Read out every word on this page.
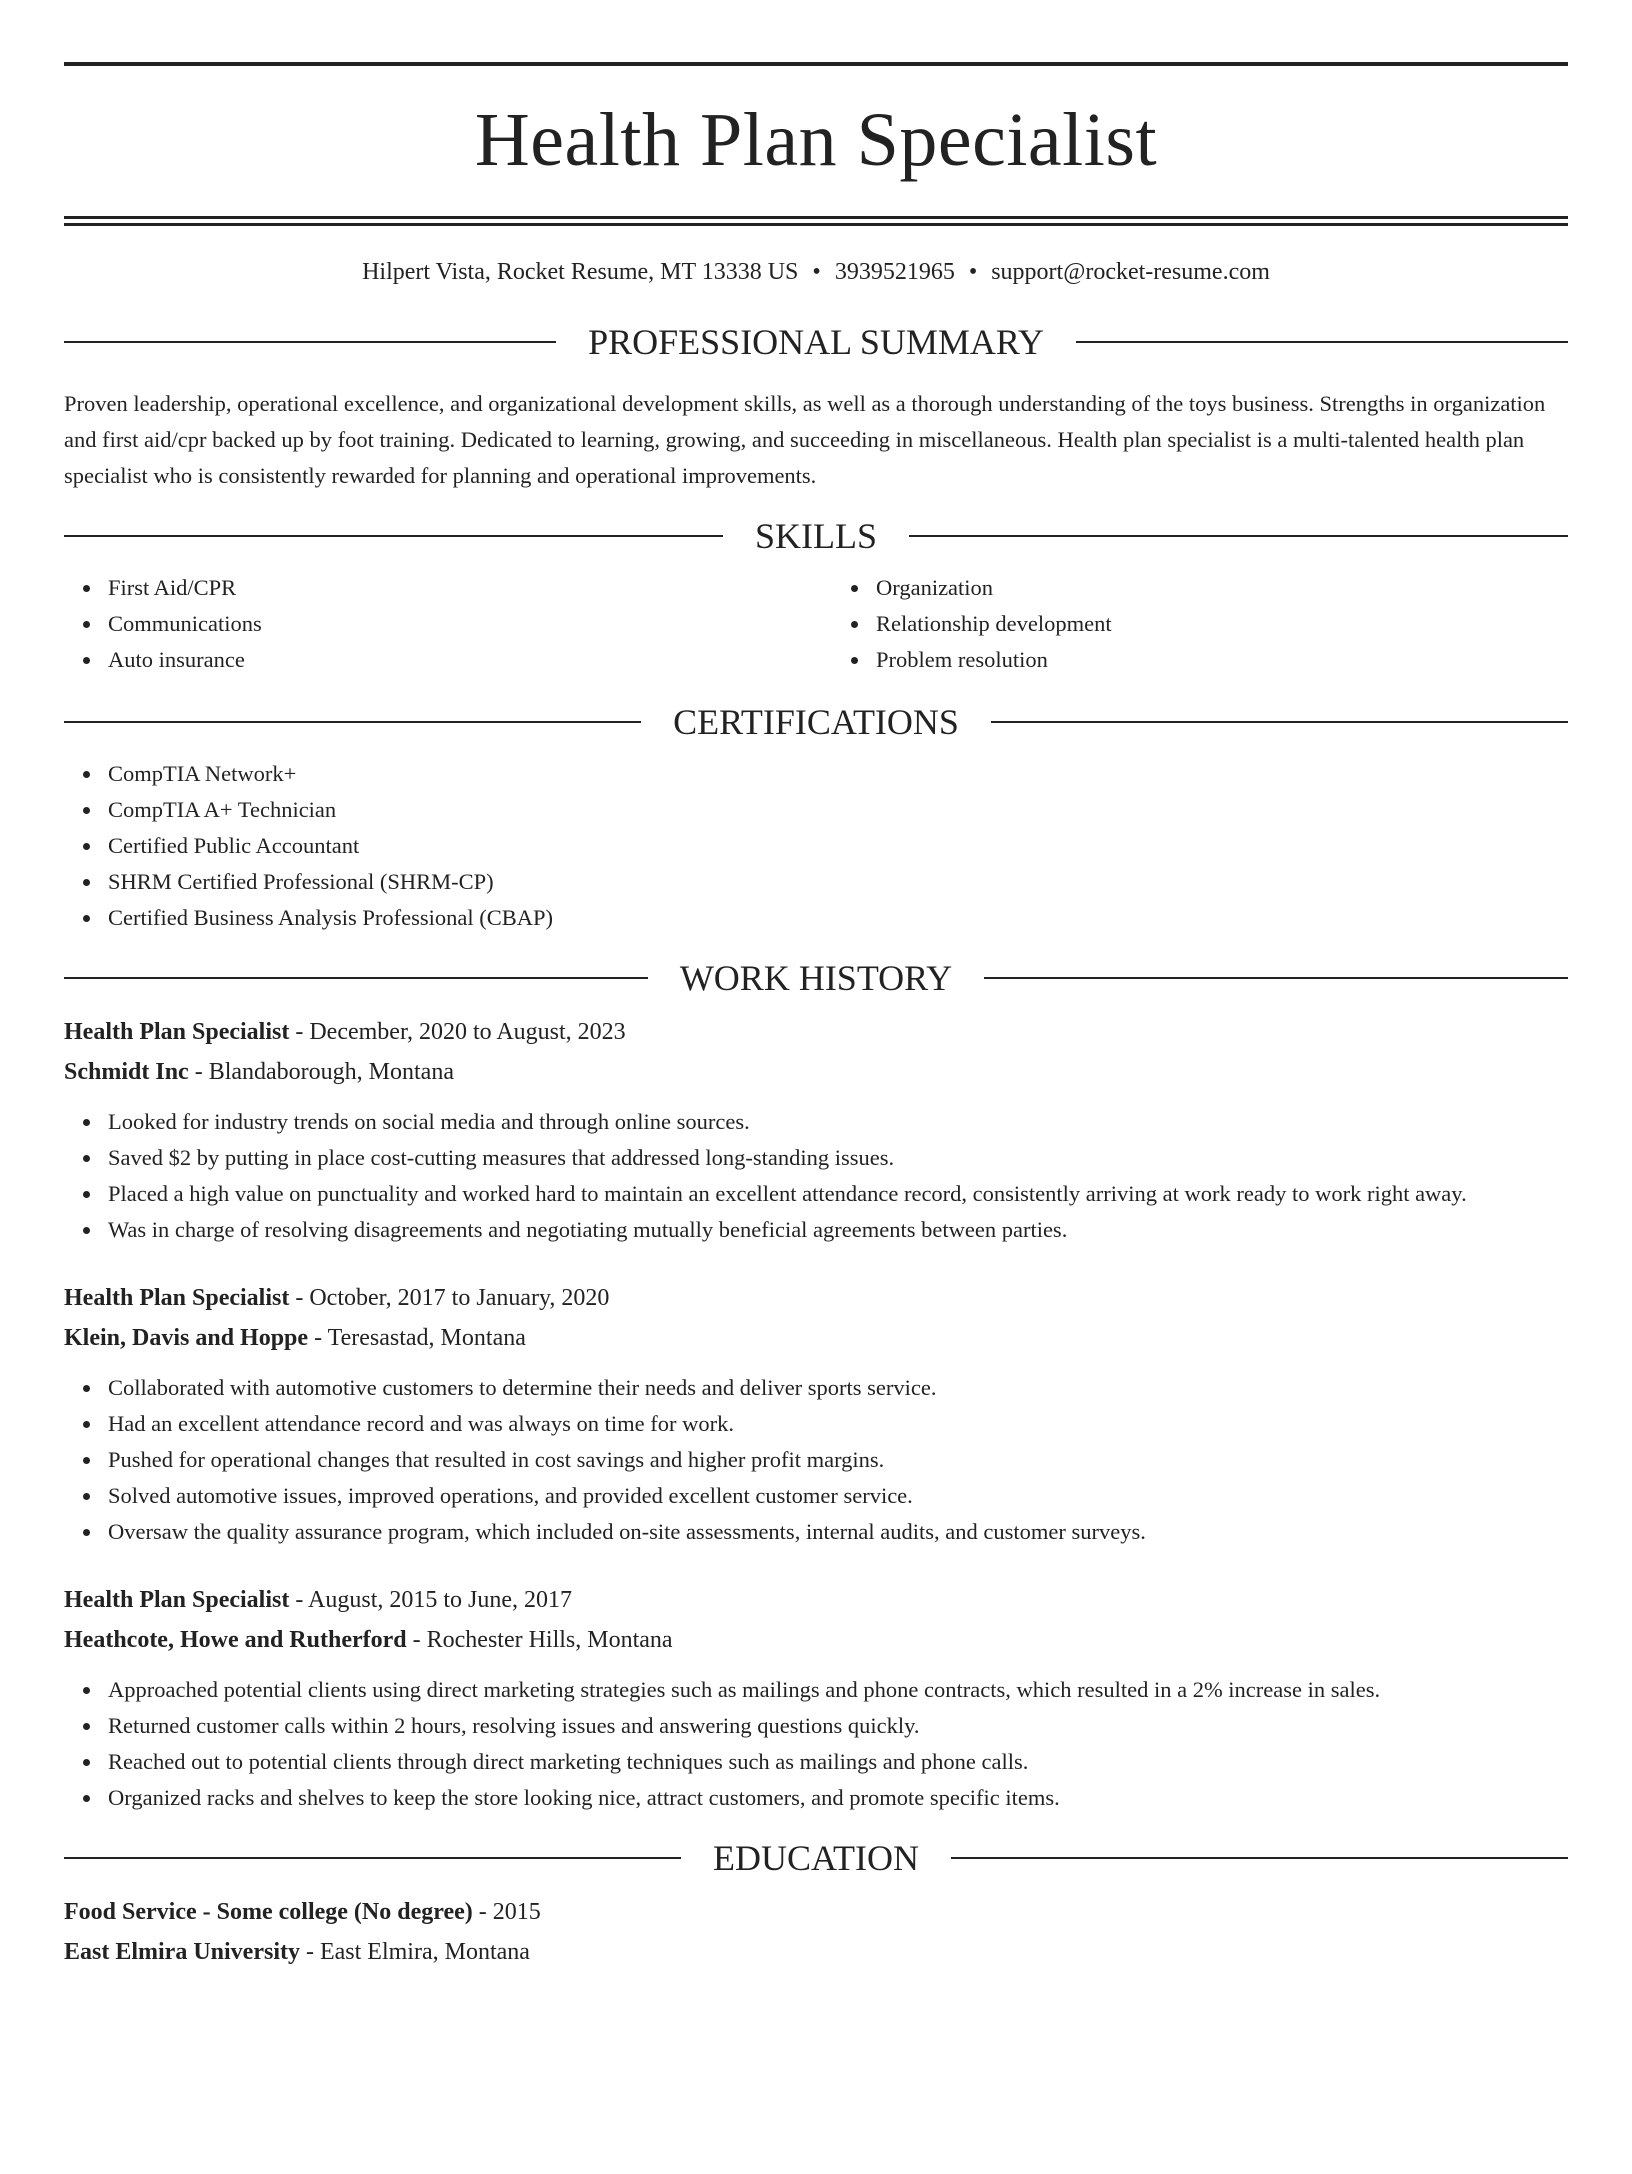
Health Plan Specialist
Hilpert Vista, Rocket Resume, MT 13338 US • 3939521965 • support@rocket-resume.com
PROFESSIONAL SUMMARY

Proven leadership, operational excellence, and organizational development skills, as well as a thorough understanding of the toys business. Strengths in organization and first aid/cpr backed up by foot training. Dedicated to learning, growing, and succeeding in miscellaneous. Health plan specialist is a multi-talented health plan specialist who is consistently rewarded for planning and operational improvements.

SKILLS
First Aid/CPR
Communications
Auto insurance
Organization
Relationship development
Problem resolution
CERTIFICATIONS
CompTIA Network+
CompTIA A+ Technician
Certified Public Accountant
SHRM Certified Professional (SHRM-CP)
Certified Business Analysis Professional (CBAP)
WORK HISTORY
Health Plan Specialist - December, 2020 to August, 2023
Schmidt Inc - Blandaborough, Montana
Looked for industry trends on social media and through online sources.
Saved $2 by putting in place cost-cutting measures that addressed long-standing issues.
Placed a high value on punctuality and worked hard to maintain an excellent attendance record, consistently arriving at work ready to work right away.
Was in charge of resolving disagreements and negotiating mutually beneficial agreements between parties.
Health Plan Specialist - October, 2017 to January, 2020
Klein, Davis and Hoppe - Teresastad, Montana
Collaborated with automotive customers to determine their needs and deliver sports service.
Had an excellent attendance record and was always on time for work.
Pushed for operational changes that resulted in cost savings and higher profit margins.
Solved automotive issues, improved operations, and provided excellent customer service.
Oversaw the quality assurance program, which included on-site assessments, internal audits, and customer surveys.
Health Plan Specialist - August, 2015 to June, 2017
Heathcote, Howe and Rutherford - Rochester Hills, Montana
Approached potential clients using direct marketing strategies such as mailings and phone contracts, which resulted in a 2% increase in sales.
Returned customer calls within 2 hours, resolving issues and answering questions quickly.
Reached out to potential clients through direct marketing techniques such as mailings and phone calls.
Organized racks and shelves to keep the store looking nice, attract customers, and promote specific items.
EDUCATION
Food Service - Some college (No degree) - 2015
East Elmira University - East Elmira, Montana
